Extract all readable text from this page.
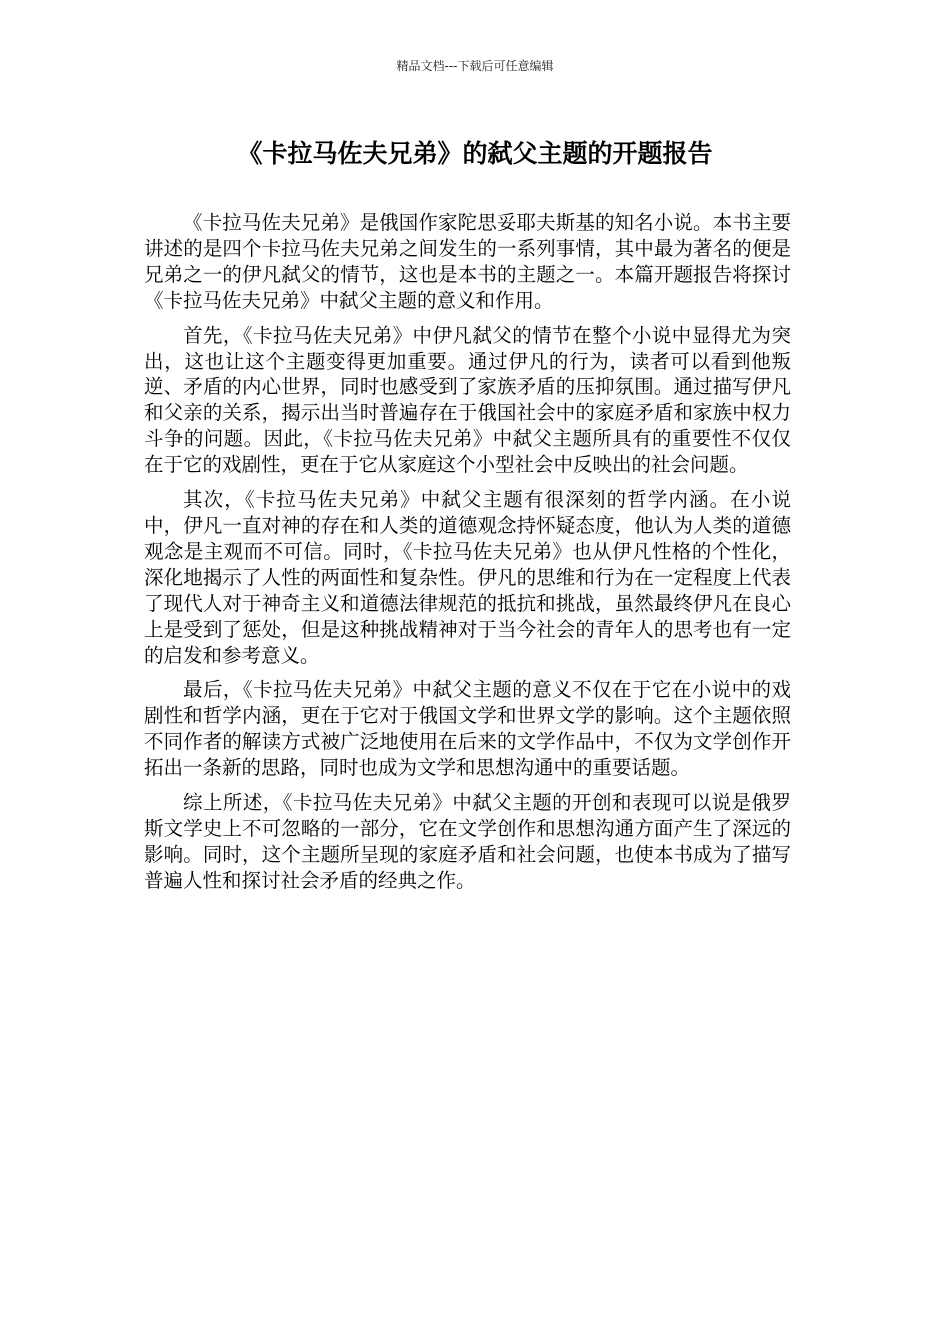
精品文档---下载后可任意编辑
《卡拉马佐夫兄弟》的弑父主题的开题报告

《卡拉马佐夫兄弟》是俄国作家陀思妥耶夫斯基的知名小说。本书主要讲述的是四个卡拉马佐夫兄弟之间发生的一系列事情，其中最为著名的便是兄弟之一的伊凡弑父的情节，这也是本书的主题之一。本篇开题报告将探讨《卡拉马佐夫兄弟》中弑父主题的意义和作用。

首先，《卡拉马佐夫兄弟》中伊凡弑父的情节在整个小说中显得尤为突出，这也让这个主题变得更加重要。通过伊凡的行为，读者可以看到他叛逆、矛盾的内心世界，同时也感受到了家族矛盾的压抑氛围。通过描写伊凡和父亲的关系，揭示出当时普遍存在于俄国社会中的家庭矛盾和家族中权力斗争的问题。因此，《卡拉马佐夫兄弟》中弑父主题所具有的重要性不仅仅在于它的戏剧性，更在于它从家庭这个小型社会中反映出的社会问题。

其次，《卡拉马佐夫兄弟》中弑父主题有很深刻的哲学内涵。在小说中，伊凡一直对神的存在和人类的道德观念持怀疑态度，他认为人类的道德观念是主观而不可信。同时，《卡拉马佐夫兄弟》也从伊凡性格的个性化，深化地揭示了人性的两面性和复杂性。伊凡的思维和行为在一定程度上代表了现代人对于神奇主义和道德法律规范的抵抗和挑战，虽然最终伊凡在良心上是受到了惩处，但是这种挑战精神对于当今社会的青年人的思考也有一定的启发和参考意义。

最后，《卡拉马佐夫兄弟》中弑父主题的意义不仅在于它在小说中的戏剧性和哲学内涵，更在于它对于俄国文学和世界文学的影响。这个主题依照不同作者的解读方式被广泛地使用在后来的文学作品中，不仅为文学创作开拓出一条新的思路，同时也成为文学和思想沟通中的重要话题。

综上所述，《卡拉马佐夫兄弟》中弑父主题的开创和表现可以说是俄罗斯文学史上不可忽略的一部分，它在文学创作和思想沟通方面产生了深远的影响。同时，这个主题所呈现的家庭矛盾和社会问题，也使本书成为了描写普遍人性和探讨社会矛盾的经典之作。
